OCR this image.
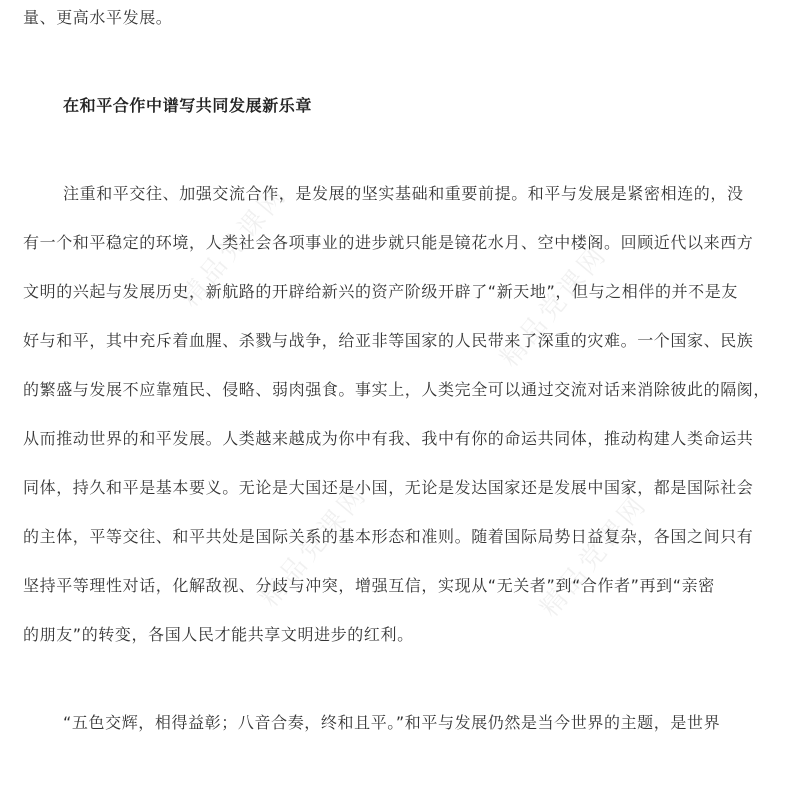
量、更高水平发展。
在和平合作中谱写共同发展新乐章
注重和平交往、加强交流合作，是发展的坚实基础和重要前提。和平与发展是紧密相连的，没
有一个和平稳定的环境，人类社会各项事业的进步就只能是镜花水月、空中楼阁。回顾近代以来西方
文明的兴起与发展历史，新航路的开辟给新兴的资产阶级开辟了“新天地”，但与之相伴的并不是友
好与和平，其中充斥着血腥、杀戮与战争，给亚非等国家的人民带来了深重的灾难。一个国家、民族
的繁盛与发展不应靠殖民、侵略、弱肉强食。事实上，人类完全可以通过交流对话来消除彼此的隔阂，
从而推动世界的和平发展。人类越来越成为你中有我、我中有你的命运共同体，推动构建人类命运共
同体，持久和平是基本要义。无论是大国还是小国，无论是发达国家还是发展中国家，都是国际社会
的主体，平等交往、和平共处是国际关系的基本形态和准则。随着国际局势日益复杂，各国之间只有
坚持平等理性对话，化解敌视、分歧与冲突，增强互信，实现从“无关者”到“合作者”再到“亲密
的朋友”的转变，各国人民才能共享文明进步的红利。
“五色交辉，相得益彰；八音合奏，终和且平。”和平与发展仍然是当今世界的主题，是世界
精品党课网	精品党课网
精品党课网	精品党课网
